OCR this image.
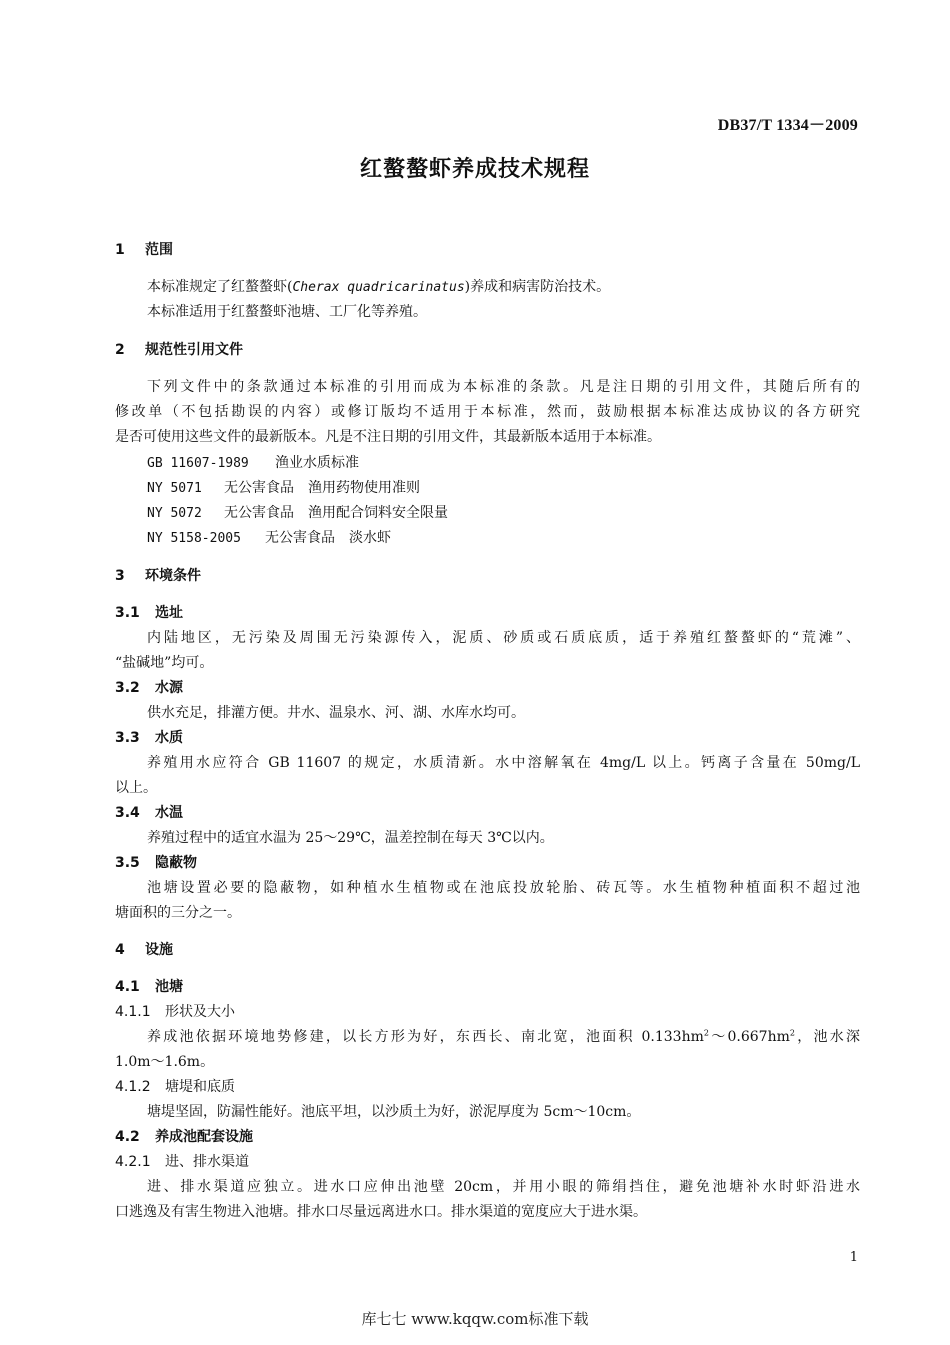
DB37/T 1334－2009
红螯螯虾养成技术规程
1 范围
本标准规定了红螯螯虾(Cherax quadricarinatus)养成和病害防治技术。
本标准适用于红螯螯虾池塘、工厂化等养殖。
2 规范性引用文件
下列文件中的条款通过本标准的引用而成为本标准的条款。凡是注日期的引用文件，其随后所有的
修改单（不包括勘误的内容）或修订版均不适用于本标准，然而，鼓励根据本标准达成协议的各方研究
是否可使用这些文件的最新版本。凡是不注日期的引用文件，其最新版本适用于本标准。
GB 11607-1989 渔业水质标准
NY 5071 无公害食品　渔用药物使用准则
NY 5072 无公害食品　渔用配合饲料安全限量
NY 5158-2005 无公害食品　淡水虾
3 环境条件
3.1 选址
内陆地区，无污染及周围无污染源传入，泥质、砂质或石质底质，适于养殖红螯螯虾的“荒滩”、
“盐碱地”均可。
3.2 水源
供水充足，排灌方便。井水、温泉水、河、湖、水库水均可。
3.3 水质
养殖用水应符合 GB 11607 的规定，水质清新。水中溶解氧在 4mg/L 以上。钙离子含量在 50mg/L
以上。
3.4 水温
养殖过程中的适宜水温为 25～29℃，温差控制在每天 3℃以内。
3.5 隐蔽物
池塘设置必要的隐蔽物，如种植水生植物或在池底投放轮胎、砖瓦等。水生植物种植面积不超过池
塘面积的三分之一。
4 设施
4.1 池塘
4.1.1 形状及大小
养成池依据环境地势修建，以长方形为好，东西长、南北宽，池面积 $0.133hm^2\sim 0.667hm^2$，池水深
1.0m～1.6m。
4.1.2 塘堤和底质
塘堤坚固，防漏性能好。池底平坦，以沙质土为好，淤泥厚度为 5cm～10cm。
4.2 养成池配套设施
4.2.1 进、排水渠道
进、排水渠道应独立。进水口应伸出池壁 20cm，并用小眼的筛绢挡住，避免池塘补水时虾沿进水
口逃逸及有害生物进入池塘。排水口尽量远离进水口。排水渠道的宽度应大于进水渠。
1
库七七 www.kqqw.com标准下载
